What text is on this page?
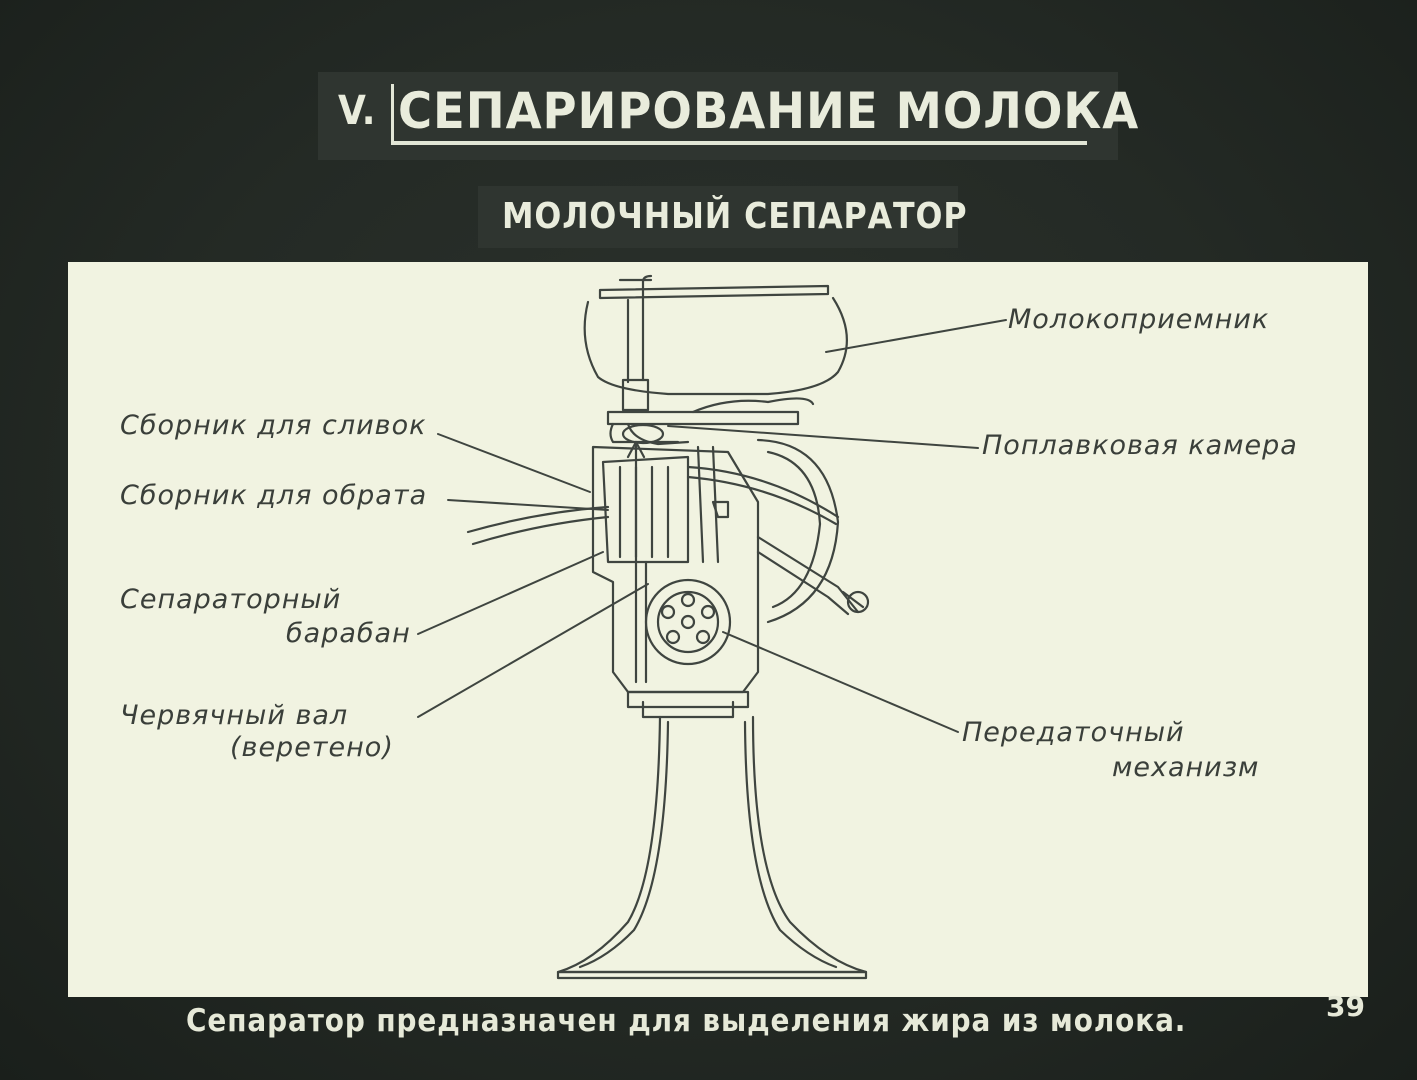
V. СЕПАРИРОВАНИЕ МОЛОКА
МОЛОЧНЫЙ СЕПАРАТОР
Молокоприемник
Поплавковая камера
Сборник для сливок
Сборник для обрата
Сепараторный
барабан
Червячный вал
(веретено)	Передаточный
механизм
Сепаратор предназначен для выделения жира из молока.	39
